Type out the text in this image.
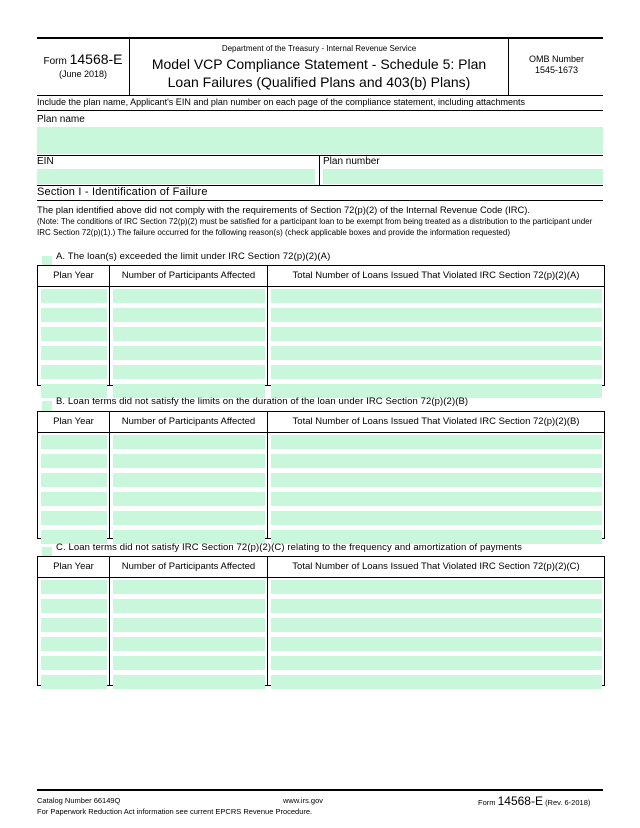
Form 14568-E
(June 2018)
Department of the Treasury - Internal Revenue Service
Model VCP Compliance Statement - Schedule 5: Plan
Loan Failures (Qualified Plans and 403(b) Plans)
OMB Number
1545-1673
Include the plan name, Applicant's EIN and plan number on each page of the compliance statement, including attachments
Plan name
EIN	Plan number
Section I - Identification of Failure
The plan identified above did not comply with the requirements of Section 72(p)(2) of the Internal Revenue Code (IRC).
(Note: The conditions of IRC Section 72(p)(2) must be satisfied for a participant loan to be exempt from being treated as a distribution to the participant under IRC Section 72(p)(1).) The failure occurred for the following reason(s) (check applicable boxes and provide the information requested)
A. The loan(s) exceeded the limit under IRC Section 72(p)(2)(A)
Plan Year	Number of Participants Affected	Total Number of Loans Issued That Violated IRC Section 72(p)(2)(A)
B. Loan terms did not satisfy the limits on the duration of the loan under IRC Section 72(p)(2)(B)
Plan Year	Number of Participants Affected	Total Number of Loans Issued That Violated IRC Section 72(p)(2)(B)
C. Loan terms did not satisfy IRC Section 72(p)(2)(C) relating to the frequency and amortization of payments
Plan Year	Number of Participants Affected	Total Number of Loans Issued That Violated IRC Section 72(p)(2)(C)
Catalog Number 66149Q	www.irs.gov	Form 14568-E (Rev. 6-2018)
For Paperwork Reduction Act information see current EPCRS Revenue Procedure.
